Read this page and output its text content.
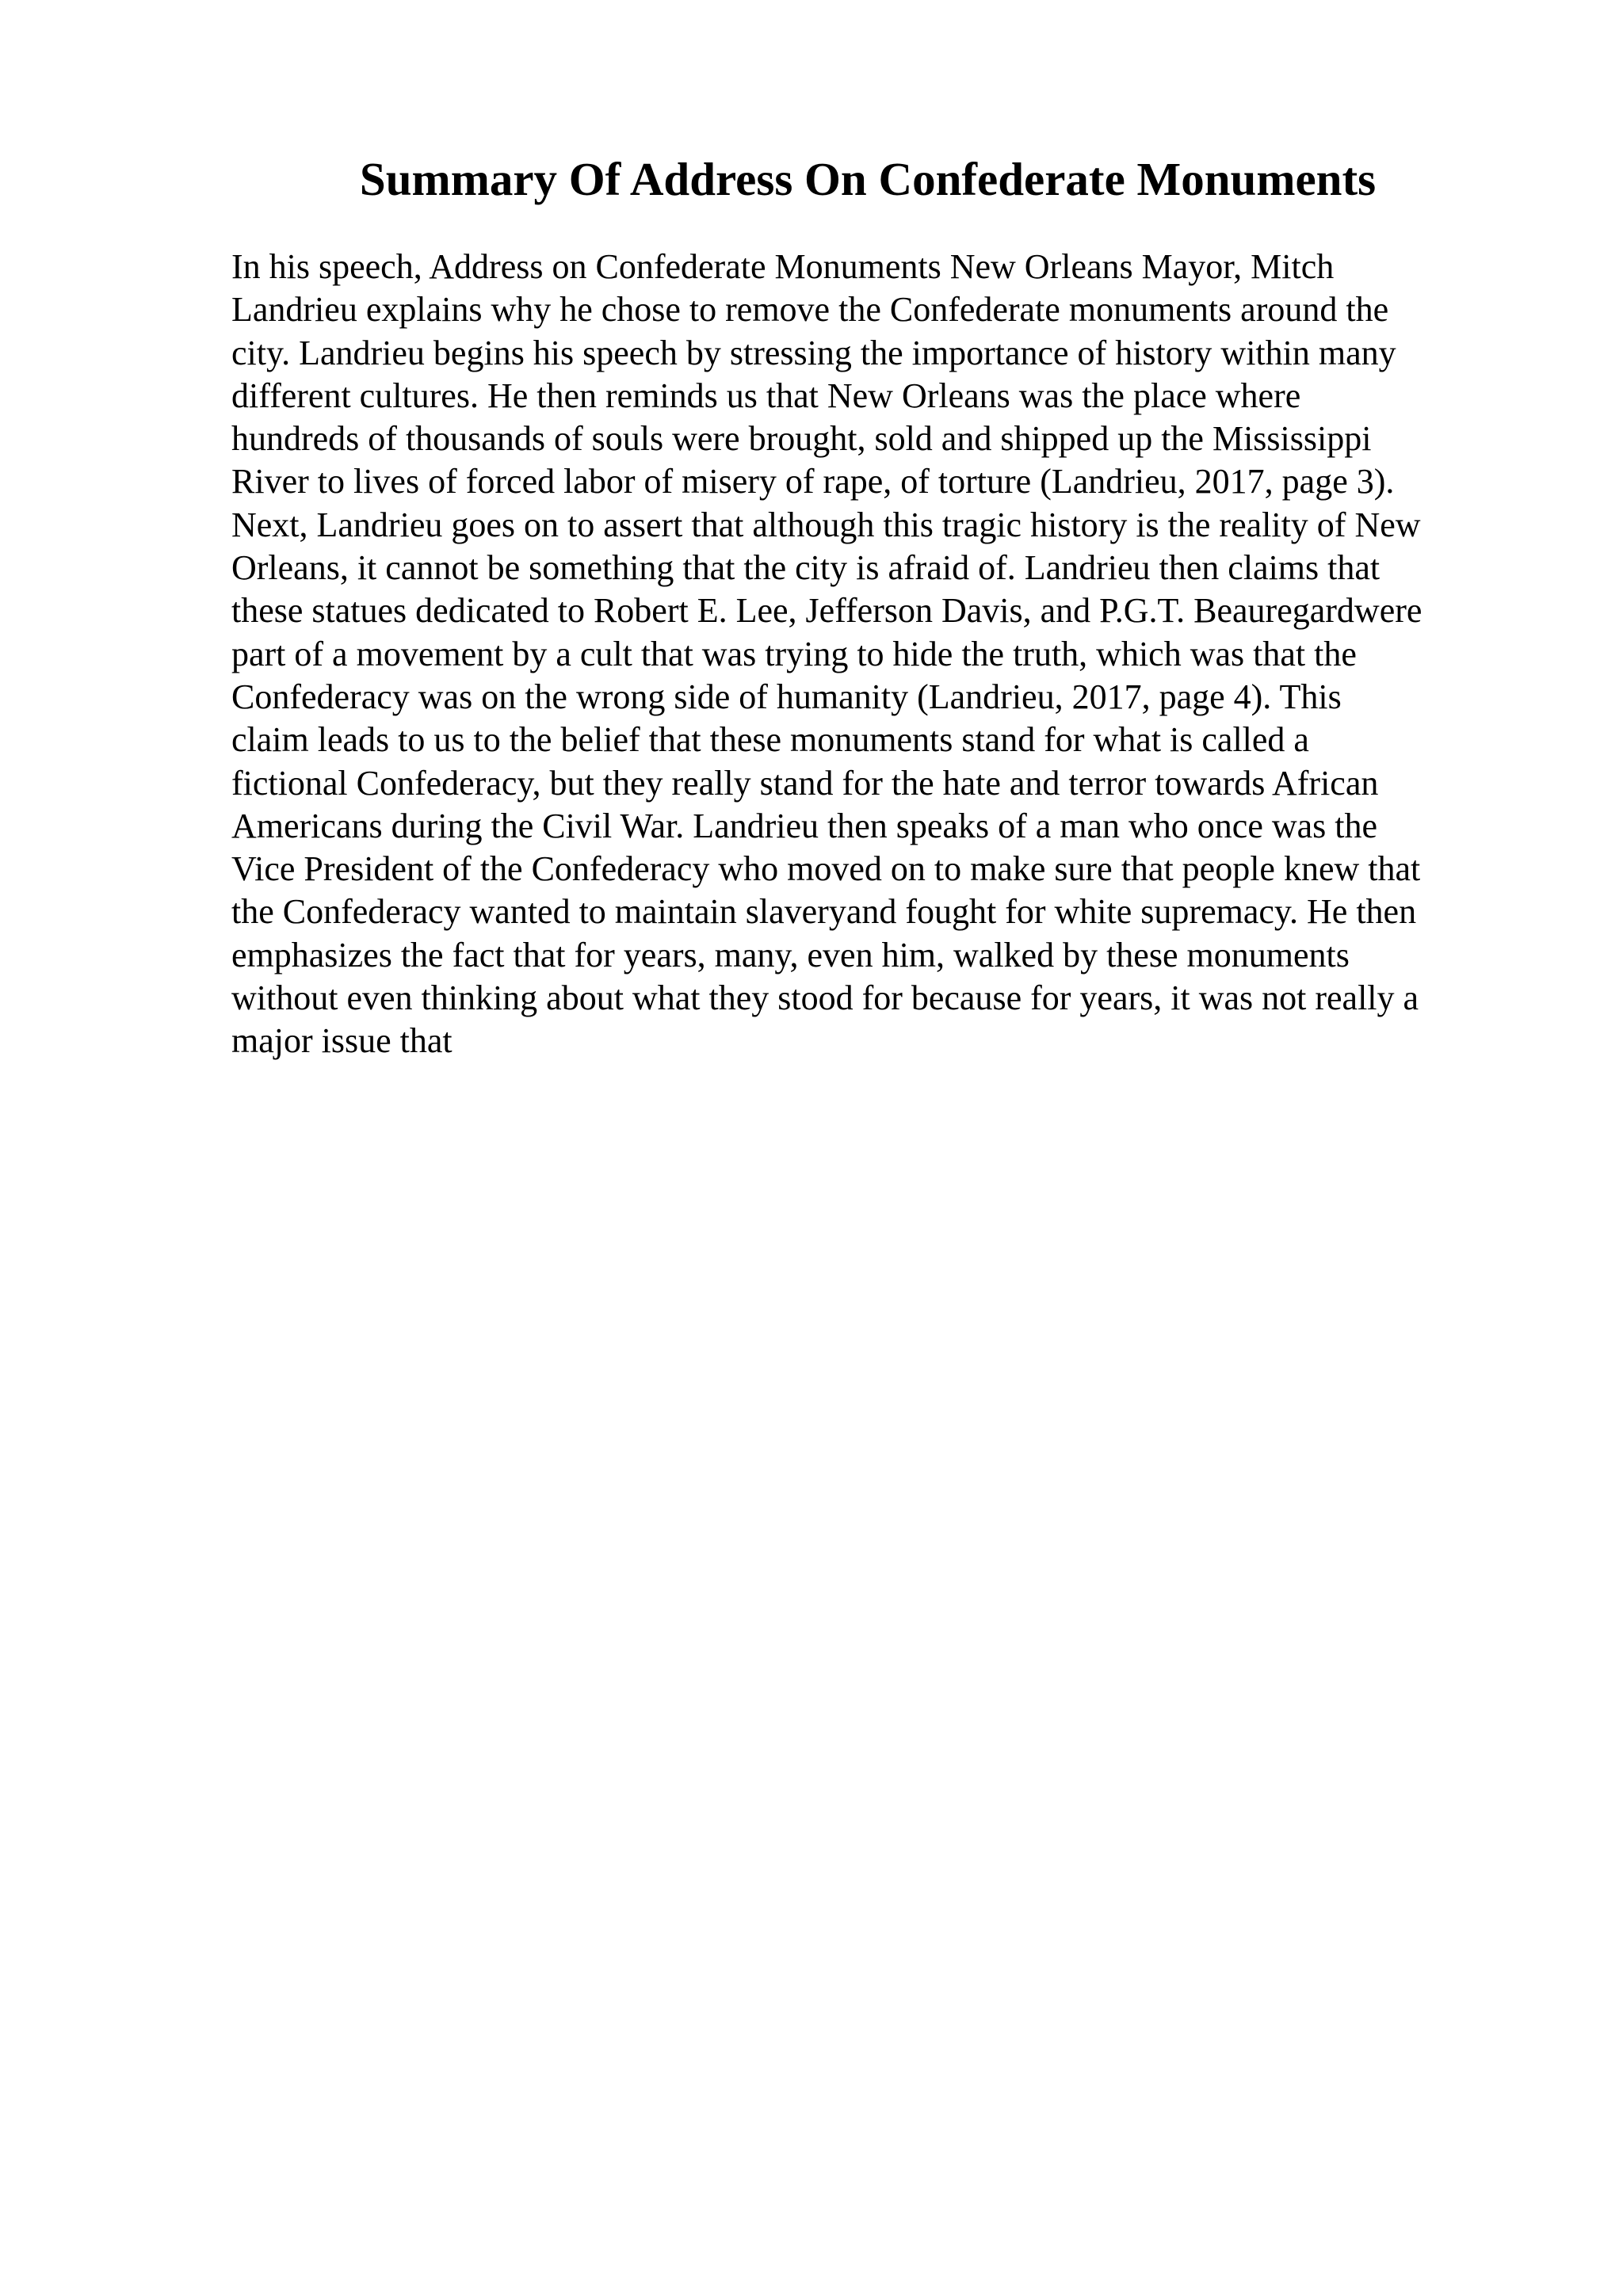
Summary Of Address On Confederate Monuments
In his speech, Address on Confederate Monuments New Orleans Mayor, Mitch
Landrieu explains why he chose to remove the Confederate monuments around the
city. Landrieu begins his speech by stressing the importance of history within many
different cultures. He then reminds us that New Orleans was the place where
hundreds of thousands of souls were brought, sold and shipped up the Mississippi
River to lives of forced labor of misery of rape, of torture (Landrieu, 2017, page 3).
Next, Landrieu goes on to assert that although this tragic history is the reality of New
Orleans, it cannot be something that the city is afraid of. Landrieu then claims that
these statues dedicated to Robert E. Lee, Jefferson Davis, and P.G.T. Beauregardwere
part of a movement by a cult that was trying to hide the truth, which was that the
Confederacy was on the wrong side of humanity (Landrieu, 2017, page 4). This
claim leads to us to the belief that these monuments stand for what is called a
fictional Confederacy, but they really stand for the hate and terror towards African
Americans during the Civil War. Landrieu then speaks of a man who once was the
Vice President of the Confederacy who moved on to make sure that people knew that
the Confederacy wanted to maintain slaveryand fought for white supremacy. He then
emphasizes the fact that for years, many, even him, walked by these monuments
without even thinking about what they stood for because for years, it was not really a
major issue that
